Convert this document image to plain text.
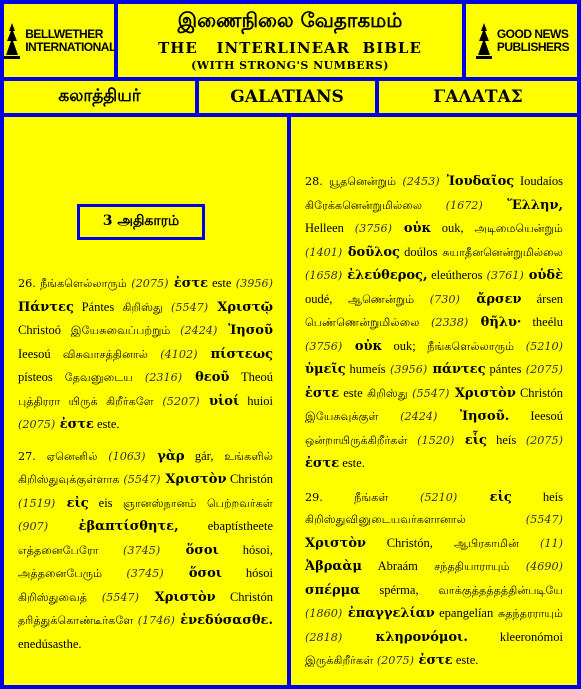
BELLWETHER
INTERNATIONAL
இணைநிலை வேதாகமம்
THE   INTERLINEAR  BIBLE
(WITH STRONG'S NUMBERS)
GOOD NEWS
PUBLISHERS
கலாத்தியர்	GALATIANS	ΓΑΛΑΤΑΣ
3 அதிகாரம்

26. நீங்களெல்லாரும் (2075) ἐστε este (3956) Πάντες Pántes கிறிஸ்து (5547) Χριστῷ Christoó இயேசுவைப்பற்றும் (2424) Ἰησοῦ Ieesoú விசுவாசத்தினால் (4102) πίστεως písteos தேவனுடைய (2316) θεοῦ Theoú புத்திரரா யிருக் கிறீர்களே (5207) υἱοί huioi (2075) ἐστε este.

27. ஏனெனில் (1063) γὰρ gár, உங்களில் கிறிஸ்துவுக்குள்ளாக (5547) Χριστὸν Christón (1519) εἰς eis ஞானஸ்நானம் பெற்றவர்கள் (907) ἐβαπτίσθητε, ebaptístheete எத்தனைபேரோ (3745) ὅσοι hósoi, அத்தனைபேரும் (3745) ὅσοι hósoi கிறிஸ்துவைத் (5547) Χριστὸν Christón தரித்துக்கொண்டீர்களே (1746) ἐνεδύσασθε. enedúsasthe.

28. யூதனென்றும் (2453) Ἰουδαῖος Ioudaíos கிரேக்கனென்றுமில்லை (1672) Ἕλλην, Helleen (3756) οὐκ ouk, அடிமையென்றும் (1401) δοῦλος doúlos சுயாதீனனென்றுமில்லை (1658) ἐλεύθερος, eleútheros (3761) οὐδὲ oudé, ஆணென்றும் (730) ἄρσεν ársen பெண்ணென்றுமில்லை (2338) θῆλυ· theélu (3756) οὐκ ouk; நீங்களெல்லாரும் (5210) ὑμεῖς humeís (3956) πάντες pántes (2075) ἐστε este கிறிஸ்து (5547) Χριστὸν Christón இயேசுவுக்குள் (2424) Ἰησοῦ. Ieesoú ஒன்றாயிருக்கிறீர்கள் (1520) εἷς heís (2075) ἐστε este.

29. நீங்கள் (5210) εἰς heís கிறிஸ்துவினுடையவர்களானால் (5547) Χριστὸν Christón, ஆபிரகாமின் (11) Ἀβραὰμ Abraám சந்ததியாராயும் (4690) σπέρμα spérma, வாக்குத்தத்தத்தின்படியே (1860) ἐπαγγελίαν epangelían சுதந்தரராயும் (2818) κληρονόμοι. kleeronómoi இருக்கிறீர்கள் (2075) ἐστε este.
